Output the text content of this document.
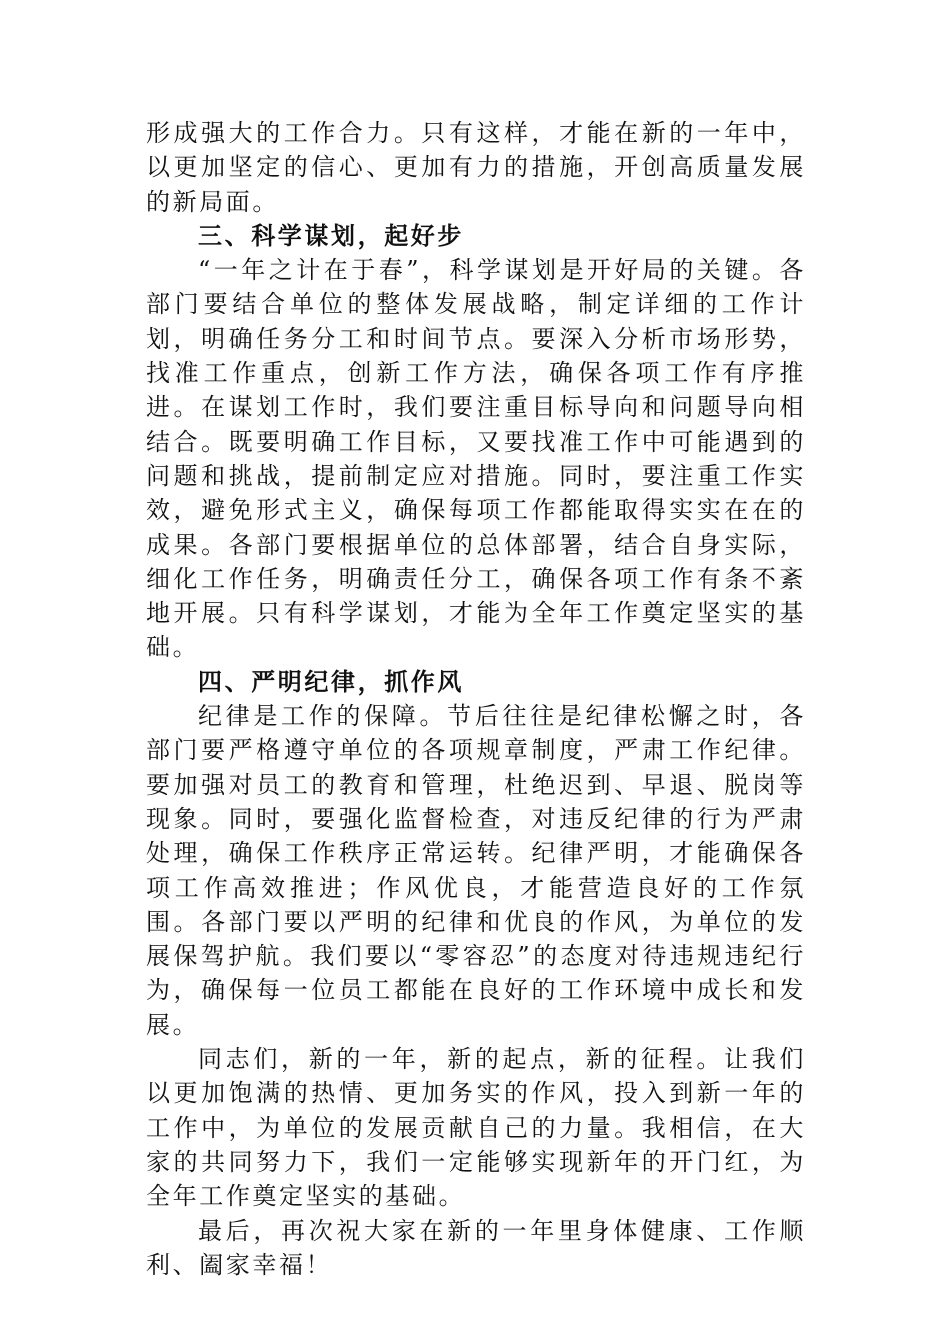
形成强大的工作合力。只有这样，才能在新的一年中，以更加坚定的信心、更加有力的措施，开创高质量发展的新局面。

三、科学谋划，起好步

“一年之计在于春”，科学谋划是开好局的关键。各部门要结合单位的整体发展战略，制定详细的工作计划，明确任务分工和时间节点。要深入分析市场形势，找准工作重点，创新工作方法，确保各项工作有序推进。在谋划工作时，我们要注重目标导向和问题导向相结合。既要明确工作目标，又要找准工作中可能遇到的问题和挑战，提前制定应对措施。同时，要注重工作实效，避免形式主义，确保每项工作都能取得实实在在的成果。各部门要根据单位的总体部署，结合自身实际，细化工作任务，明确责任分工，确保各项工作有条不紊地开展。只有科学谋划，才能为全年工作奠定坚实的基础。

四、严明纪律，抓作风

纪律是工作的保障。节后往往是纪律松懈之时，各部门要严格遵守单位的各项规章制度，严肃工作纪律。要加强对员工的教育和管理，杜绝迟到、早退、脱岗等现象。同时，要强化监督检查，对违反纪律的行为严肃处理，确保工作秩序正常运转。纪律严明，才能确保各项工作高效推进；作风优良，才能营造良好的工作氛围。各部门要以严明的纪律和优良的作风，为单位的发展保驾护航。我们要以“零容忍”的态度对待违规违纪行为，确保每一位员工都能在良好的工作环境中成长和发展。

同志们，新的一年，新的起点，新的征程。让我们以更加饱满的热情、更加务实的作风，投入到新一年的工作中，为单位的发展贡献自己的力量。我相信，在大家的共同努力下，我们一定能够实现新年的开门红，为全年工作奠定坚实的基础。

最后，再次祝大家在新的一年里身体健康、工作顺利、阖家幸福！
